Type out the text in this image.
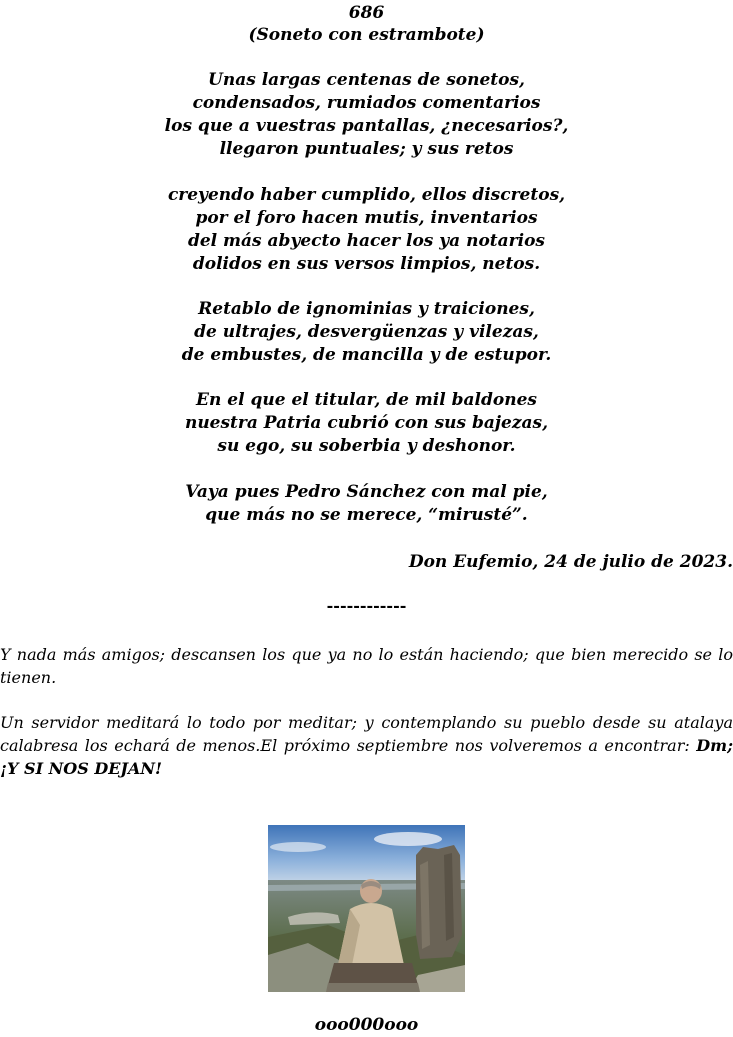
686
(Soneto con estrambote)
Unas largas centenas de sonetos,
condensados, rumiados comentarios
los que a vuestras pantallas, ¿necesarios?,
llegaron puntuales; y sus retos
creyendo haber cumplido, ellos discretos,
por el foro hacen mutis, inventarios
del más abyecto hacer los ya notarios
dolidos en sus versos limpios, netos.
Retablo de ignominias y traiciones,
de ultrajes, desvergüenzas y vilezas,
de embustes, de mancilla y de estupor.
En el que el titular, de mil baldones
nuestra Patria cubrió con sus bajezas,
su ego, su soberbia y deshonor.
Vaya pues Pedro Sánchez con mal pie,
que más no se merece, “mirusté”.
Don Eufemio, 24 de julio de 2023.
------------
Y nada más amigos; descansen los que ya no lo están haciendo; que bien merecido se lo tienen.
Un servidor meditará lo todo por meditar; y contemplando su pueblo desde su atalaya calabresa los echará de menos.El próximo septiembre nos volveremos a encontrar: Dm; ¡Y SI NOS DEJAN!
ooo000ooo
